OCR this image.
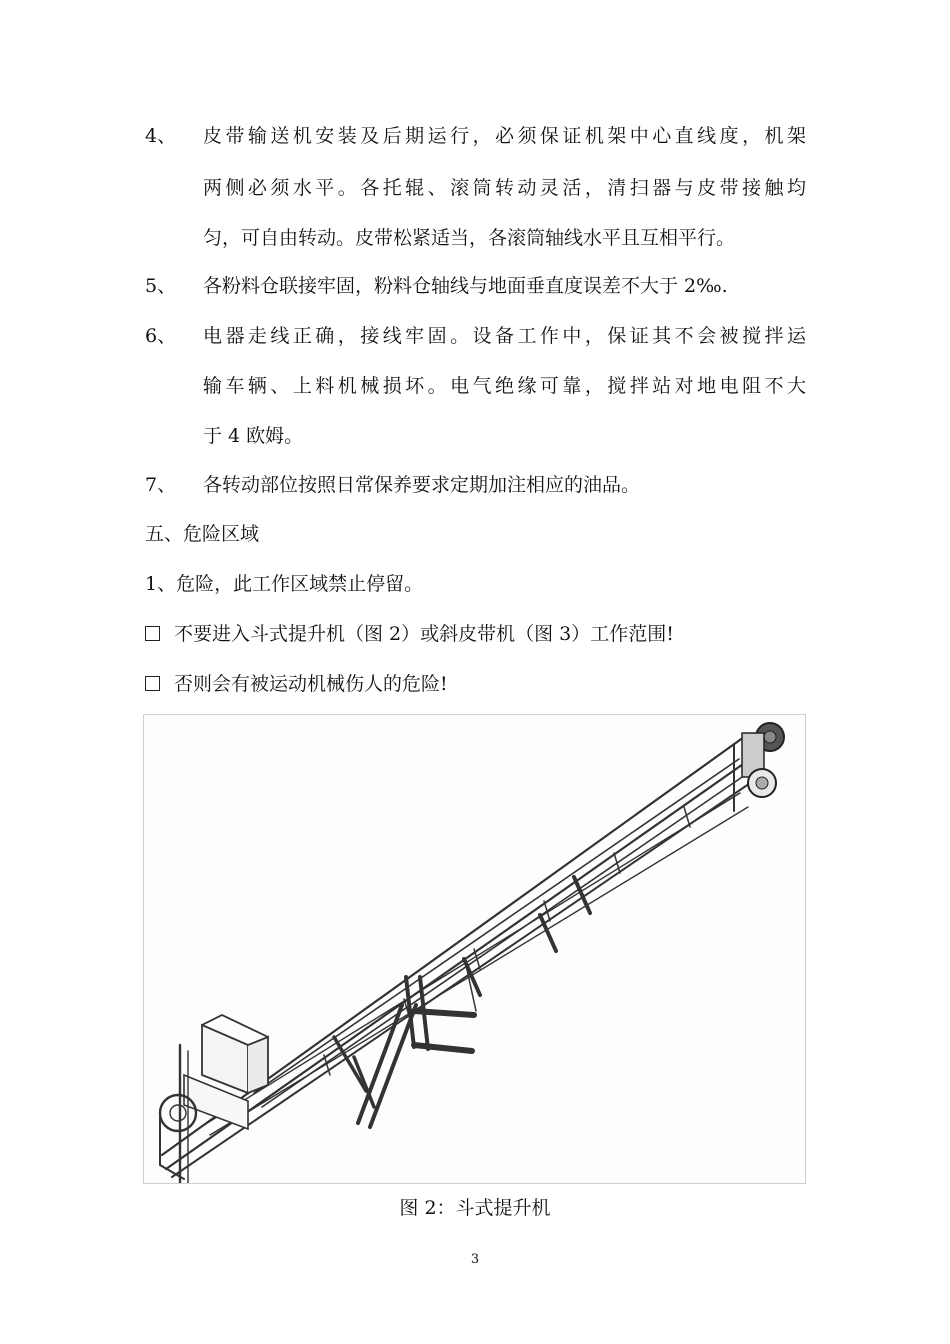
4、 皮带输送机安装及后期运行，必须保证机架中心直线度，机架
两侧必须水平。各托辊、滚筒转动灵活，清扫器与皮带接触均
匀，可自由转动。皮带松紧适当，各滚筒轴线水平且互相平行。
5、 各粉料仓联接牢固，粉料仓轴线与地面垂直度误差不大于 2‰.
6、 电器走线正确，接线牢固。设备工作中，保证其不会被搅拌运
输车辆、上料机械损坏。电气绝缘可靠，搅拌站对地电阻不大
于 4 欧姆。
7、 各转动部位按照日常保养要求定期加注相应的油品。
五、危险区域
1、危险，此工作区域禁止停留。
不要进入斗式提升机（图 2）或斜皮带机（图 3）工作范围!
否则会有被运动机械伤人的危险!
图 2：斗式提升机
3
